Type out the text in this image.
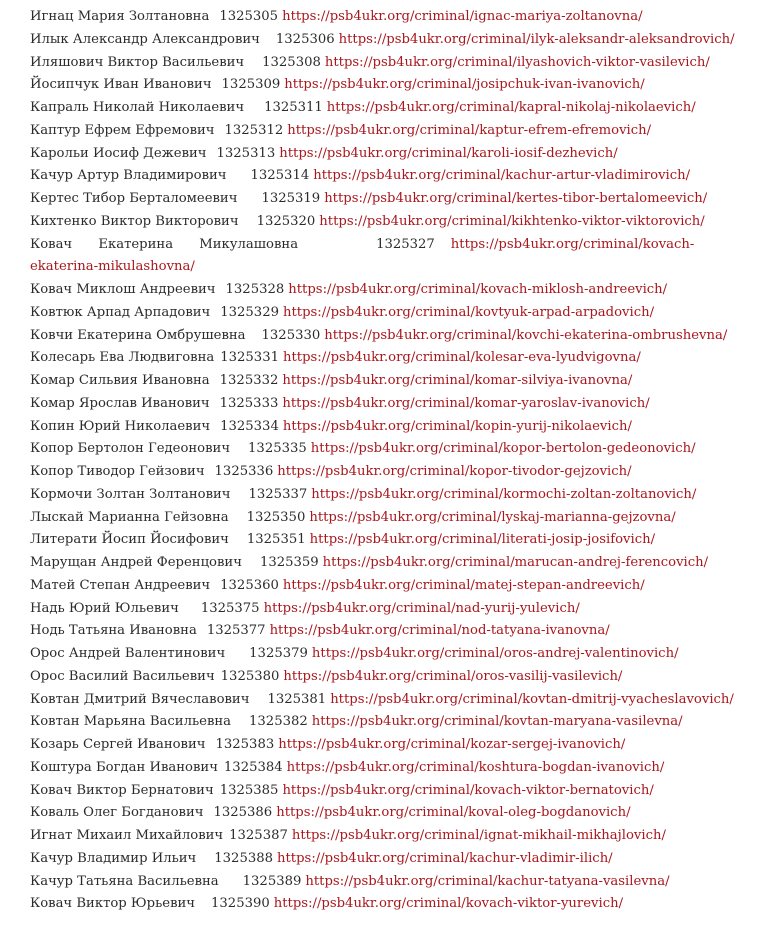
Игнац Мария Золтановна 1325305 https://psb4ukr.org/criminal/ignac-mariya-zoltanovna/
Илык Александр Александрович 1325306 https://psb4ukr.org/criminal/ilyk-aleksandr-aleksandrovich/
Иляшович Виктор Васильевич 1325308 https://psb4ukr.org/criminal/ilyashovich-viktor-vasilevich/
Йосипчук Иван Иванович 1325309 https://psb4ukr.org/criminal/josipchuk-ivan-ivanovich/
Капраль Николай Николаевич 1325311 https://psb4ukr.org/criminal/kapral-nikolaj-nikolaevich/
Каптур Ефрем Ефремович 1325312 https://psb4ukr.org/criminal/kaptur-efrem-efremovich/
Карольи Иосиф Дежевич 1325313 https://psb4ukr.org/criminal/karoli-iosif-dezhevich/
Качур Артур Владимирович 1325314 https://psb4ukr.org/criminal/kachur-artur-vladimirovich/
Кертес Тибор Берталомеевич 1325319 https://psb4ukr.org/criminal/kertes-tibor-bertalomeevich/
Кихтенко Виктор Викторович 1325320 https://psb4ukr.org/criminal/kikhtenko-viktor-viktorovich/
Ковач Екатерина Микулашовна	1325327 https://psb4ukr.org/criminal/kovach-ekaterina-mikulashovna/
Ковач Миклош Андреевич 1325328 https://psb4ukr.org/criminal/kovach-miklosh-andreevich/
Ковтюк Арпад Арпадович 1325329 https://psb4ukr.org/criminal/kovtyuk-arpad-arpadovich/
Ковчи Екатерина Омбрушевна 1325330 https://psb4ukr.org/criminal/kovchi-ekaterina-ombrushevna/
Колесарь Ева Людвиговна 1325331 https://psb4ukr.org/criminal/kolesar-eva-lyudvigovna/
Комар Сильвия Ивановна 1325332 https://psb4ukr.org/criminal/komar-silviya-ivanovna/
Комар Ярослав Иванович 1325333 https://psb4ukr.org/criminal/komar-yaroslav-ivanovich/
Копин Юрий Николаевич 1325334 https://psb4ukr.org/criminal/kopin-yurij-nikolaevich/
Копор Бертолон Гедеонович 1325335 https://psb4ukr.org/criminal/kopor-bertolon-gedeonovich/
Копор Тиводор Гейзович 1325336 https://psb4ukr.org/criminal/kopor-tivodor-gejzovich/
Кормочи Золтан Золтанович 1325337 https://psb4ukr.org/criminal/kormochi-zoltan-zoltanovich/
Лыскай Марианна Гейзовна 1325350 https://psb4ukr.org/criminal/lyskaj-marianna-gejzovna/
Литерати Йосип Йосифович 1325351 https://psb4ukr.org/criminal/literati-josip-josifovich/
Марущан Андрей Ференцович 1325359 https://psb4ukr.org/criminal/marucan-andrej-ferencovich/
Матей Степан Андреевич 1325360 https://psb4ukr.org/criminal/matej-stepan-andreevich/
Надь Юрий Юльевич 1325375 https://psb4ukr.org/criminal/nad-yurij-yulevich/
Нодь Татьяна Ивановна 1325377 https://psb4ukr.org/criminal/nod-tatyana-ivanovna/
Орос Андрей Валентинович 1325379 https://psb4ukr.org/criminal/oros-andrej-valentinovich/
Орос Василий Васильевич 1325380 https://psb4ukr.org/criminal/oros-vasilij-vasilevich/
Ковтан Дмитрий Вячеславович 1325381 https://psb4ukr.org/criminal/kovtan-dmitrij-vyacheslavovich/
Ковтан Марьяна Васильевна 1325382 https://psb4ukr.org/criminal/kovtan-maryana-vasilevna/
Козарь Сергей Иванович 1325383 https://psb4ukr.org/criminal/kozar-sergej-ivanovich/
Коштура Богдан Иванович 1325384 https://psb4ukr.org/criminal/koshtura-bogdan-ivanovich/
Ковач Виктор Бернатович 1325385 https://psb4ukr.org/criminal/kovach-viktor-bernatovich/
Коваль Олег Богданович 1325386 https://psb4ukr.org/criminal/koval-oleg-bogdanovich/
Игнат Михаил Михайлович 1325387 https://psb4ukr.org/criminal/ignat-mikhail-mikhajlovich/
Качур Владимир Ильич 1325388 https://psb4ukr.org/criminal/kachur-vladimir-ilich/
Качур Татьяна Васильевна 1325389 https://psb4ukr.org/criminal/kachur-tatyana-vasilevna/
Ковач Виктор Юрьевич 1325390 https://psb4ukr.org/criminal/kovach-viktor-yurevich/
